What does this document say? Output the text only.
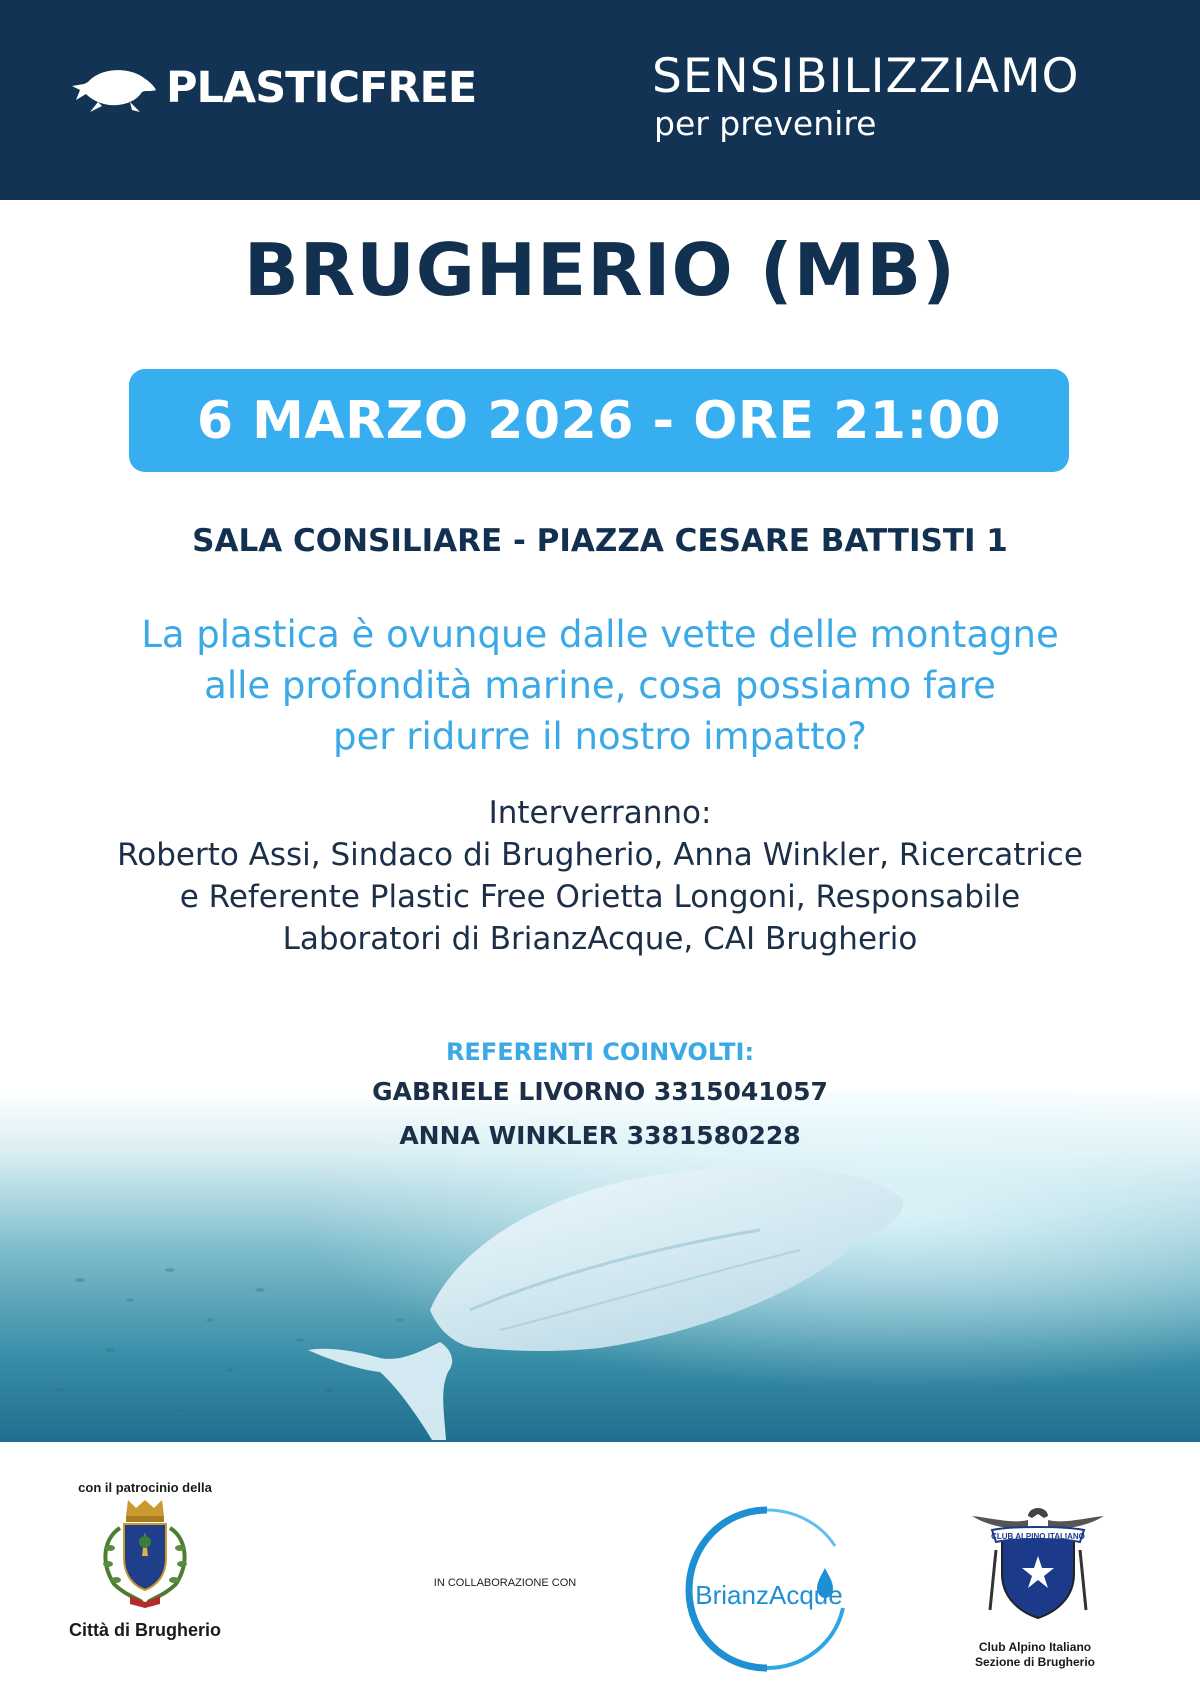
PLASTICFREE	SENSIBILIZZIAMO
per prevenire
BRUGHERIO (MB)
6 MARZO 2026 - ORE 21:00
SALA CONSILIARE - PIAZZA CESARE BATTISTI 1
La plastica è ovunque dalle vette delle montagne
alle profondità marine, cosa possiamo fare
per ridurre il nostro impatto?
Interverranno:
Roberto Assi, Sindaco di Brugherio, Anna Winkler, Ricercatrice
e Referente Plastic Free Orietta Longoni, Responsabile
Laboratori di BrianzAcque, CAI Brugherio
REFERENTI COINVOLTI:
GABRIELE LIVORNO 3315041057
ANNA WINKLER 3381580228
con il patrocinio della
Città di Brugherio
IN COLLABORAZIONE CON	BrianzAcque
CLUB ALPINO ITALIANO
Club Alpino Italiano
Sezione di Brugherio
